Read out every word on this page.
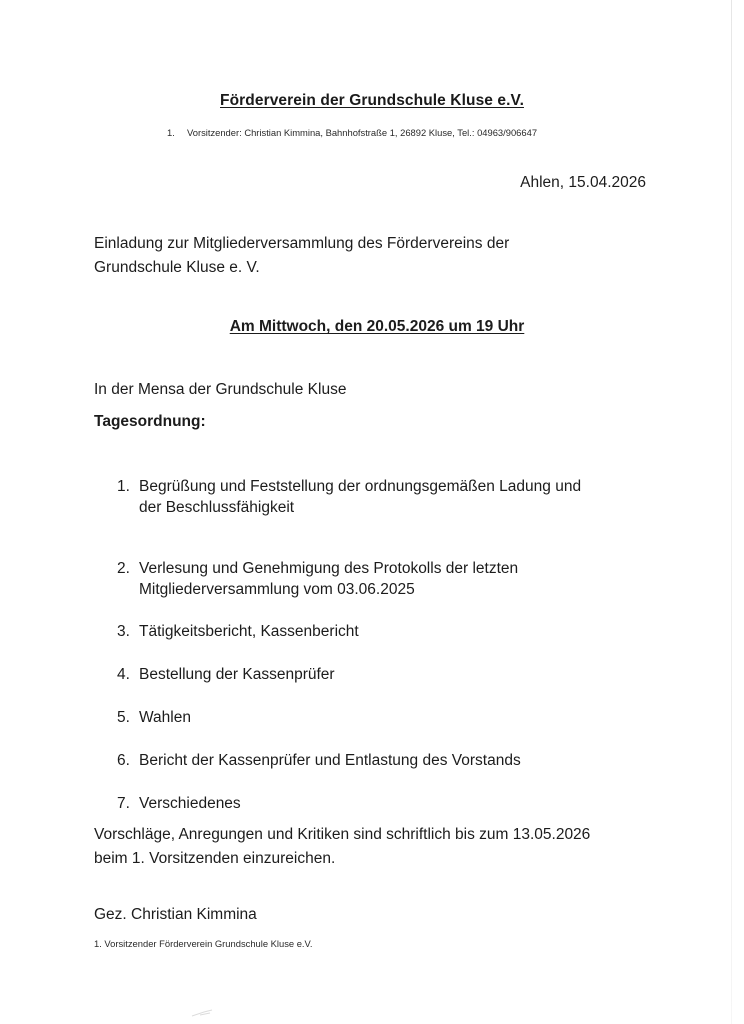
Förderverein der Grundschule Kluse e.V.
1. Vorsitzender: Christian Kimmina, Bahnhofstraße 1, 26892 Kluse, Tel.: 04963/906647
Ahlen, 15.04.2026
Einladung zur Mitgliederversammlung des Fördervereins der
Grundschule Kluse e. V.
Am Mittwoch, den 20.05.2026 um 19 Uhr
In der Mensa der Grundschule Kluse
Tagesordnung:
1. Begrüßung und Feststellung der ordnungsgemäßen Ladung und
der Beschlussfähigkeit
2. Verlesung und Genehmigung des Protokolls der letzten
Mitgliederversammlung vom 03.06.2025
3. Tätigkeitsbericht, Kassenbericht
4. Bestellung der Kassenprüfer
5. Wahlen
6. Bericht der Kassenprüfer und Entlastung des Vorstands
7. Verschiedenes
Vorschläge, Anregungen und Kritiken sind schriftlich bis zum 13.05.2026
beim 1. Vorsitzenden einzureichen.
Gez. Christian Kimmina
1. Vorsitzender Förderverein Grundschule Kluse e.V.
